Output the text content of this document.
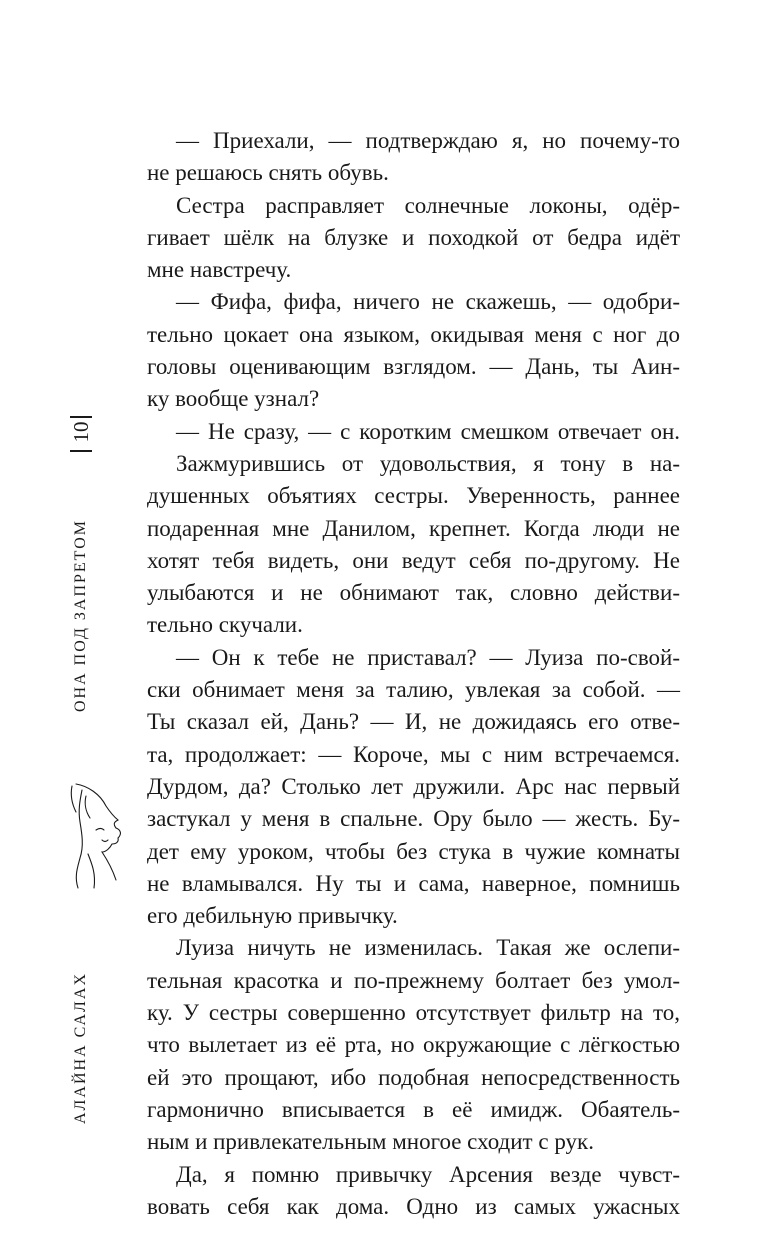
10
ОНА ПОД ЗАПРЕТОМ
АЛАЙНА САЛАХ
— Приехали, — подтверждаю я, но почему-то
не решаюсь снять обувь.
Сестра расправляет солнечные локоны, одёр-
гивает шёлк на блузке и походкой от бедра идёт
мне навстречу.
— Фифа, фифа, ничего не скажешь, — одобри-
тельно цокает она языком, окидывая меня с ног до
головы оценивающим взглядом. — Дань, ты Аин-
ку вообще узнал?
— Не сразу, — с коротким смешком отвечает он.
Зажмурившись от удовольствия, я тону в на-
душенных объятиях сестры. Уверенность, раннее
подаренная мне Данилом, крепнет. Когда люди не
хотят тебя видеть, они ведут себя по-другому. Не
улыбаются и не обнимают так, словно действи-
тельно скучали.
— Он к тебе не приставал? — Луиза по-свой-
ски обнимает меня за талию, увлекая за собой. —
Ты сказал ей, Дань? — И, не дожидаясь его отве-
та, продолжает: — Короче, мы с ним встречаемся.
Дурдом, да? Столько лет дружили. Арс нас первый
застукал у меня в спальне. Ору было — жесть. Бу-
дет ему уроком, чтобы без стука в чужие комнаты
не вламывался. Ну ты и сама, наверное, помнишь
его дебильную привычку.
Луиза ничуть не изменилась. Такая же ослепи-
тельная красотка и по-прежнему болтает без умол-
ку. У сестры совершенно отсутствует фильтр на то,
что вылетает из её рта, но окружающие с лёгкостью
ей это прощают, ибо подобная непосредственность
гармонично вписывается в её имидж. Обаятель-
ным и привлекательным многое сходит с рук.
Да, я помню привычку Арсения везде чувст-
вовать себя как дома. Одно из самых ужасных
